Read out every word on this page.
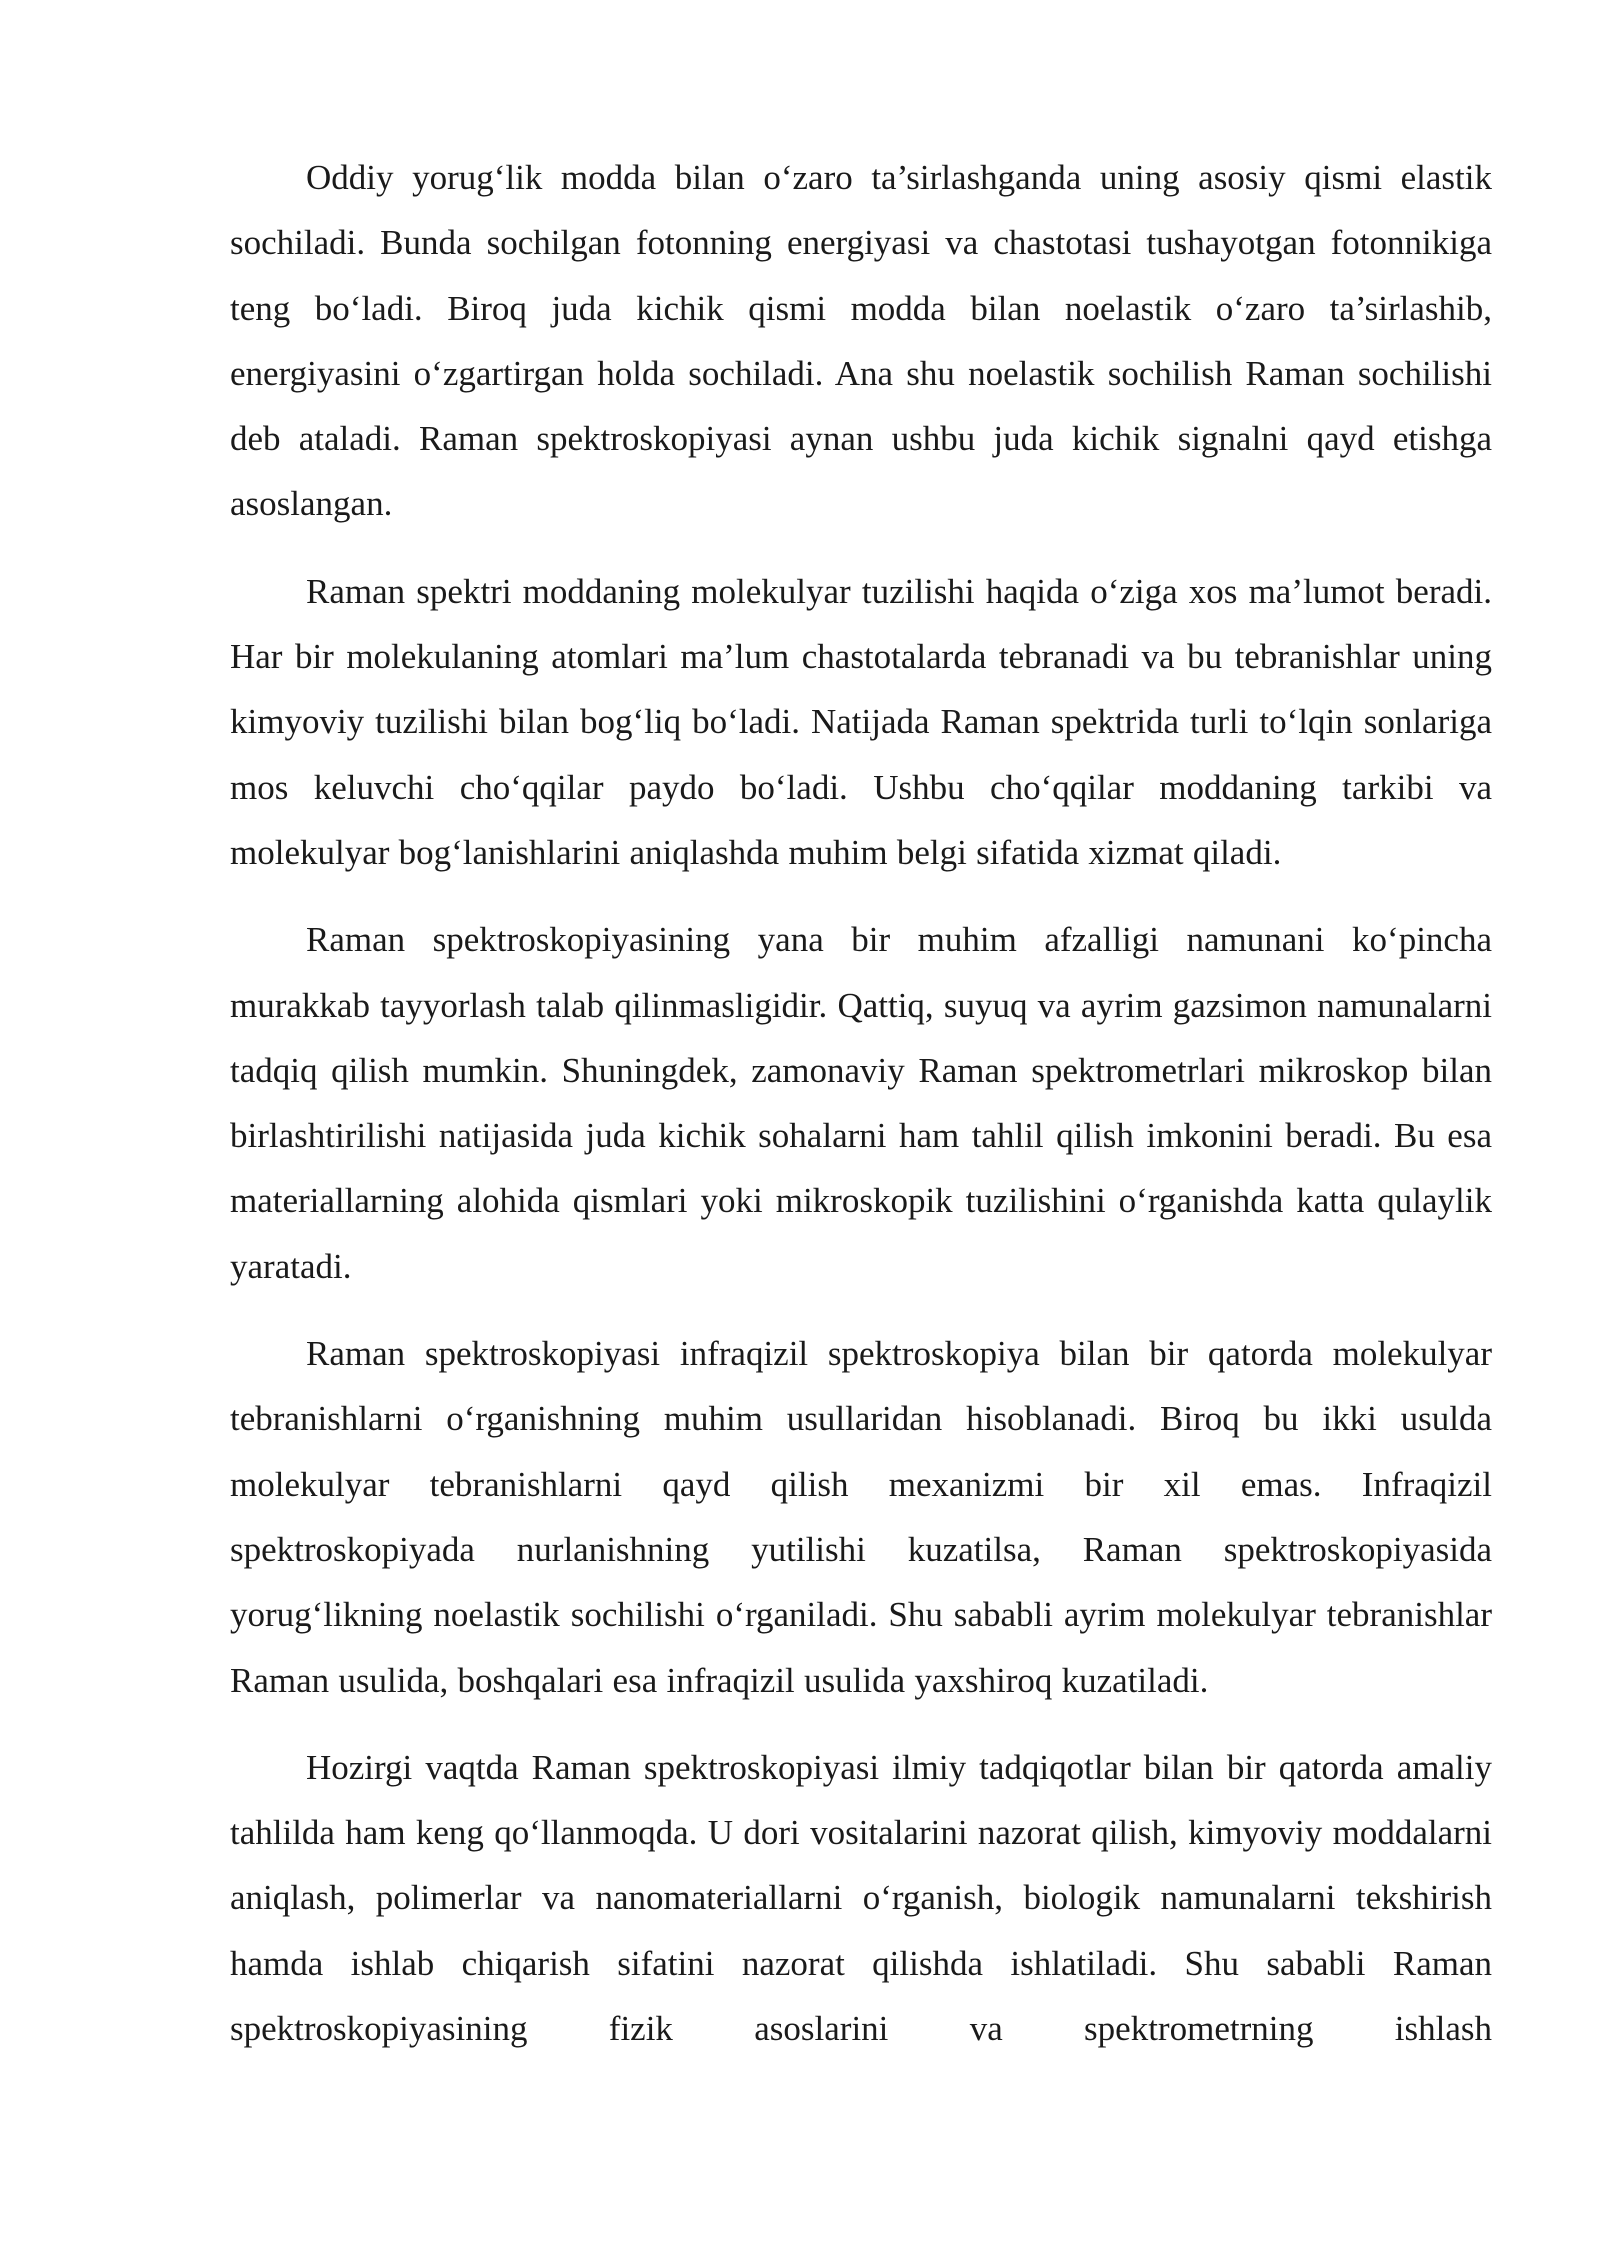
Oddiy yorug‘lik modda bilan o‘zaro ta’sirlashganda uning asosiy qismi elastik sochiladi. Bunda sochilgan fotonning energiyasi va chastotasi tushayotgan fotonnikiga teng bo‘ladi. Biroq juda kichik qismi modda bilan noelastik o‘zaro ta’sirlashib, energiyasini o‘zgartirgan holda sochiladi. Ana shu noelastik sochilish Raman sochilishi deb ataladi. Raman spektroskopiyasi aynan ushbu juda kichik signalni qayd etishga asoslangan.

Raman spektri moddaning molekulyar tuzilishi haqida o‘ziga xos ma’lumot beradi. Har bir molekulaning atomlari ma’lum chastotalarda tebranadi va bu tebranishlar uning kimyoviy tuzilishi bilan bog‘liq bo‘ladi. Natijada Raman spektrida turli to‘lqin sonlariga mos keluvchi cho‘qqilar paydo bo‘ladi. Ushbu cho‘qqilar moddaning tarkibi va molekulyar bog‘lanishlarini aniqlashda muhim belgi sifatida xizmat qiladi.

Raman spektroskopiyasining yana bir muhim afzalligi namunani ko‘pincha murakkab tayyorlash talab qilinmasligidir. Qattiq, suyuq va ayrim gazsimon namunalarni tadqiq qilish mumkin. Shuningdek, zamonaviy Raman spektrometrlari mikroskop bilan birlashtirilishi natijasida juda kichik sohalarni ham tahlil qilish imkonini beradi. Bu esa materiallarning alohida qismlari yoki mikroskopik tuzilishini o‘rganishda katta qulaylik yaratadi.

Raman spektroskopiyasi infraqizil spektroskopiya bilan bir qatorda molekulyar tebranishlarni o‘rganishning muhim usullaridan hisoblanadi. Biroq bu ikki usulda molekulyar tebranishlarni qayd qilish mexanizmi bir xil emas. Infraqizil spektroskopiyada nurlanishning yutilishi kuzatilsa, Raman spektroskopiyasida yorug‘likning noelastik sochilishi o‘rganiladi. Shu sababli ayrim molekulyar tebranishlar Raman usulida, boshqalari esa infraqizil usulida yaxshiroq kuzatiladi.

Hozirgi vaqtda Raman spektroskopiyasi ilmiy tadqiqotlar bilan bir qatorda amaliy tahlilda ham keng qo‘llanmoqda. U dori vositalarini nazorat qilish, kimyoviy moddalarni aniqlash, polimerlar va nanomateriallarni o‘rganish, biologik namunalarni tekshirish hamda ishlab chiqarish sifatini nazorat qilishda ishlatiladi. Shu sababli Raman spektroskopiyasining fizik asoslarini va spektrometrning ishlash
